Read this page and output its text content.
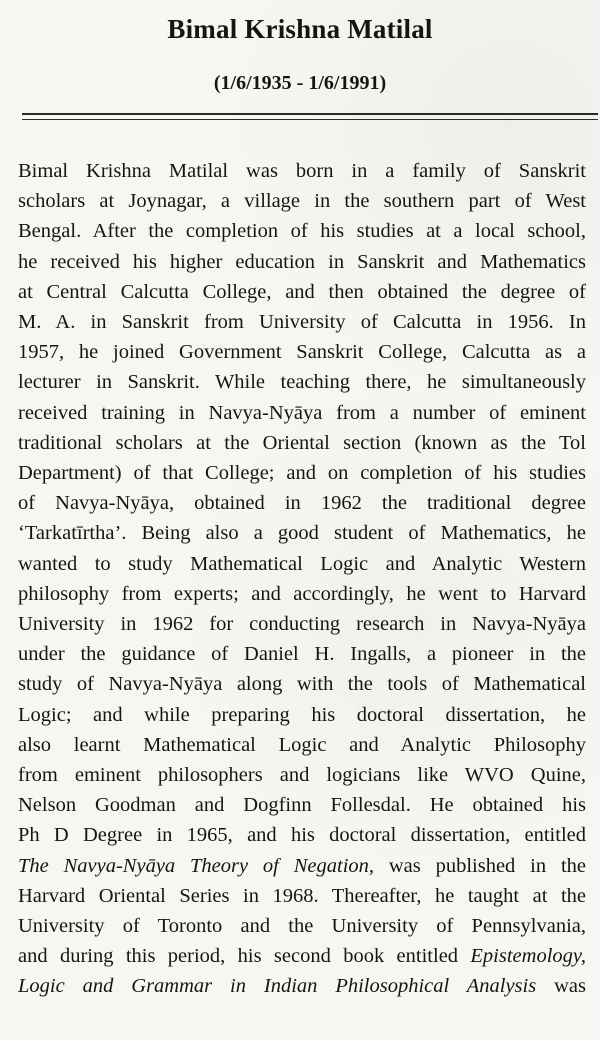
Bimal Krishna Matilal
(1/6/1935 - 1/6/1991)
Bimal Krishna Matilal was born in a family of Sanskrit
scholars at Joynagar, a village in the southern part of West
Bengal. After the completion of his studies at a local school,
he received his higher education in Sanskrit and Mathematics
at Central Calcutta College, and then obtained the degree of
M. A. in Sanskrit from University of Calcutta in 1956. In
1957, he joined Government Sanskrit College, Calcutta as a
lecturer in Sanskrit. While teaching there, he simultaneously
received training in Navya-Nyāya from a number of eminent
traditional scholars at the Oriental section (known as the Tol
Department) of that College; and on completion of his studies
of Navya-Nyāya, obtained in 1962 the traditional degree
‘Tarkatīrtha’. Being also a good student of Mathematics, he
wanted to study Mathematical Logic and Analytic Western
philosophy from experts; and accordingly, he went to Harvard
University in 1962 for conducting research in Navya-Nyāya
under the guidance of Daniel H. Ingalls, a pioneer in the
study of Navya-Nyāya along with the tools of Mathematical
Logic; and while preparing his doctoral dissertation, he
also learnt Mathematical Logic and Analytic Philosophy
from eminent philosophers and logicians like WVO Quine,
Nelson Goodman and Dogfinn Follesdal. He obtained his
Ph D Degree in 1965, and his doctoral dissertation, entitled
The Navya-Nyāya Theory of Negation, was published in the
Harvard Oriental Series in 1968. Thereafter, he taught at the
University of Toronto and the University of Pennsylvania,
and during this period, his second book entitled Epistemology,
Logic and Grammar in Indian Philosophical Analysis was
